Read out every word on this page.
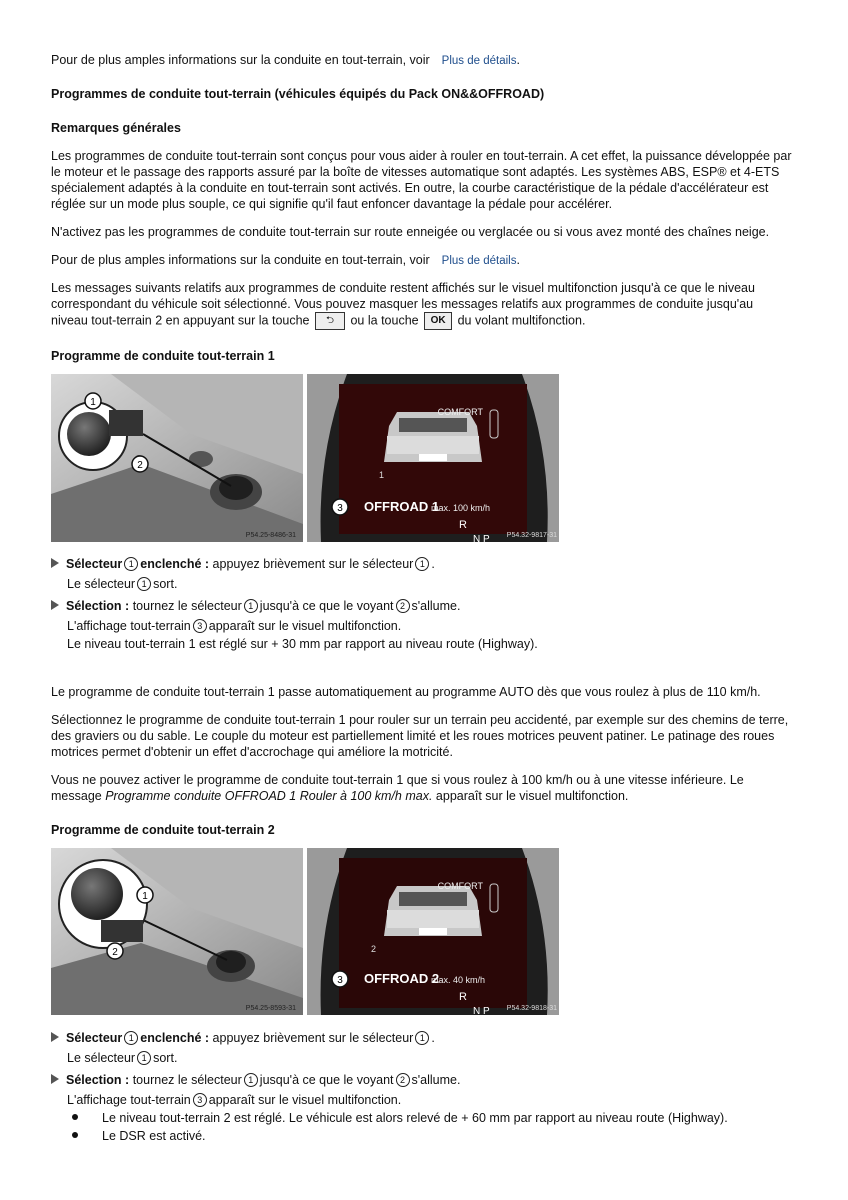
Pour de plus amples informations sur la conduite en tout-terrain, voir Plus de détails.

Programmes de conduite tout-terrain (véhicules équipés du Pack ON&&OFFROAD)

Remarques générales

Les programmes de conduite tout-terrain sont conçus pour vous aider à rouler en tout-terrain. A cet effet, la puissance développée par le moteur et le passage des rapports assuré par la boîte de vitesses automatique sont adaptés. Les systèmes ABS, ESP® et 4-ETS spécialement adaptés à la conduite en tout-terrain sont activés. En outre, la courbe caractéristique de la pédale d'accélérateur est réglée sur un mode plus souple, ce qui signifie qu'il faut enfoncer davantage la pédale pour accélérer.

N'activez pas les programmes de conduite tout-terrain sur route enneigée ou verglacée ou si vous avez monté des chaînes neige.

Pour de plus amples informations sur la conduite en tout-terrain, voir Plus de détails.

Les messages suivants relatifs aux programmes de conduite restent affichés sur le visuel multifonction jusqu'à ce que le niveau
correspondant du véhicule soit sélectionné. Vous pouvez masquer les messages relatifs aux programmes de conduite jusqu'au
niveau tout-terrain 2 en appuyant sur la touche ⮌ ou la touche OK du volant multifonction.

Programme de conduite tout-terrain 1

1
2
P54.25-8486-31
COMFORT
1
OFFROAD 1
max. 100 km/h
R
N P
3
P54.32-9817-31
Sélecteur 1 enclenché : appuyez brièvement sur le sélecteur 1 .
Le sélecteur 1 sort.
Sélection : tournez le sélecteur 1 jusqu'à ce que le voyant 2 s'allume.
L'affichage tout-terrain 3 apparaît sur le visuel multifonction.
Le niveau tout-terrain 1 est réglé sur + 30 mm par rapport au niveau route (Highway).

Le programme de conduite tout-terrain 1 passe automatiquement au programme AUTO dès que vous roulez à plus de 110 km/h.

Sélectionnez le programme de conduite tout-terrain 1 pour rouler sur un terrain peu accidenté, par exemple sur des chemins de terre, des graviers ou du sable. Le couple du moteur est partiellement limité et les roues motrices peuvent patiner. Le patinage des roues motrices permet d'obtenir un effet d'accrochage qui améliore la motricité.

Vous ne pouvez activer le programme de conduite tout-terrain 1 que si vous roulez à 100 km/h ou à une vitesse inférieure. Le message Programme conduite OFFROAD 1 Rouler à 100 km/h max. apparaît sur le visuel multifonction.

Programme de conduite tout-terrain 2

1
2
P54.25-8593-31
COMFORT
2
OFFROAD 2
max. 40 km/h
R
N P
3
P54.32-9818-31
Sélecteur 1 enclenché : appuyez brièvement sur le sélecteur 1 .
Le sélecteur 1 sort.
Sélection : tournez le sélecteur 1 jusqu'à ce que le voyant 2 s'allume.
L'affichage tout-terrain 3 apparaît sur le visuel multifonction.
Le niveau tout-terrain 2 est réglé. Le véhicule est alors relevé de + 60 mm par rapport au niveau route (Highway).
Le DSR est activé.
